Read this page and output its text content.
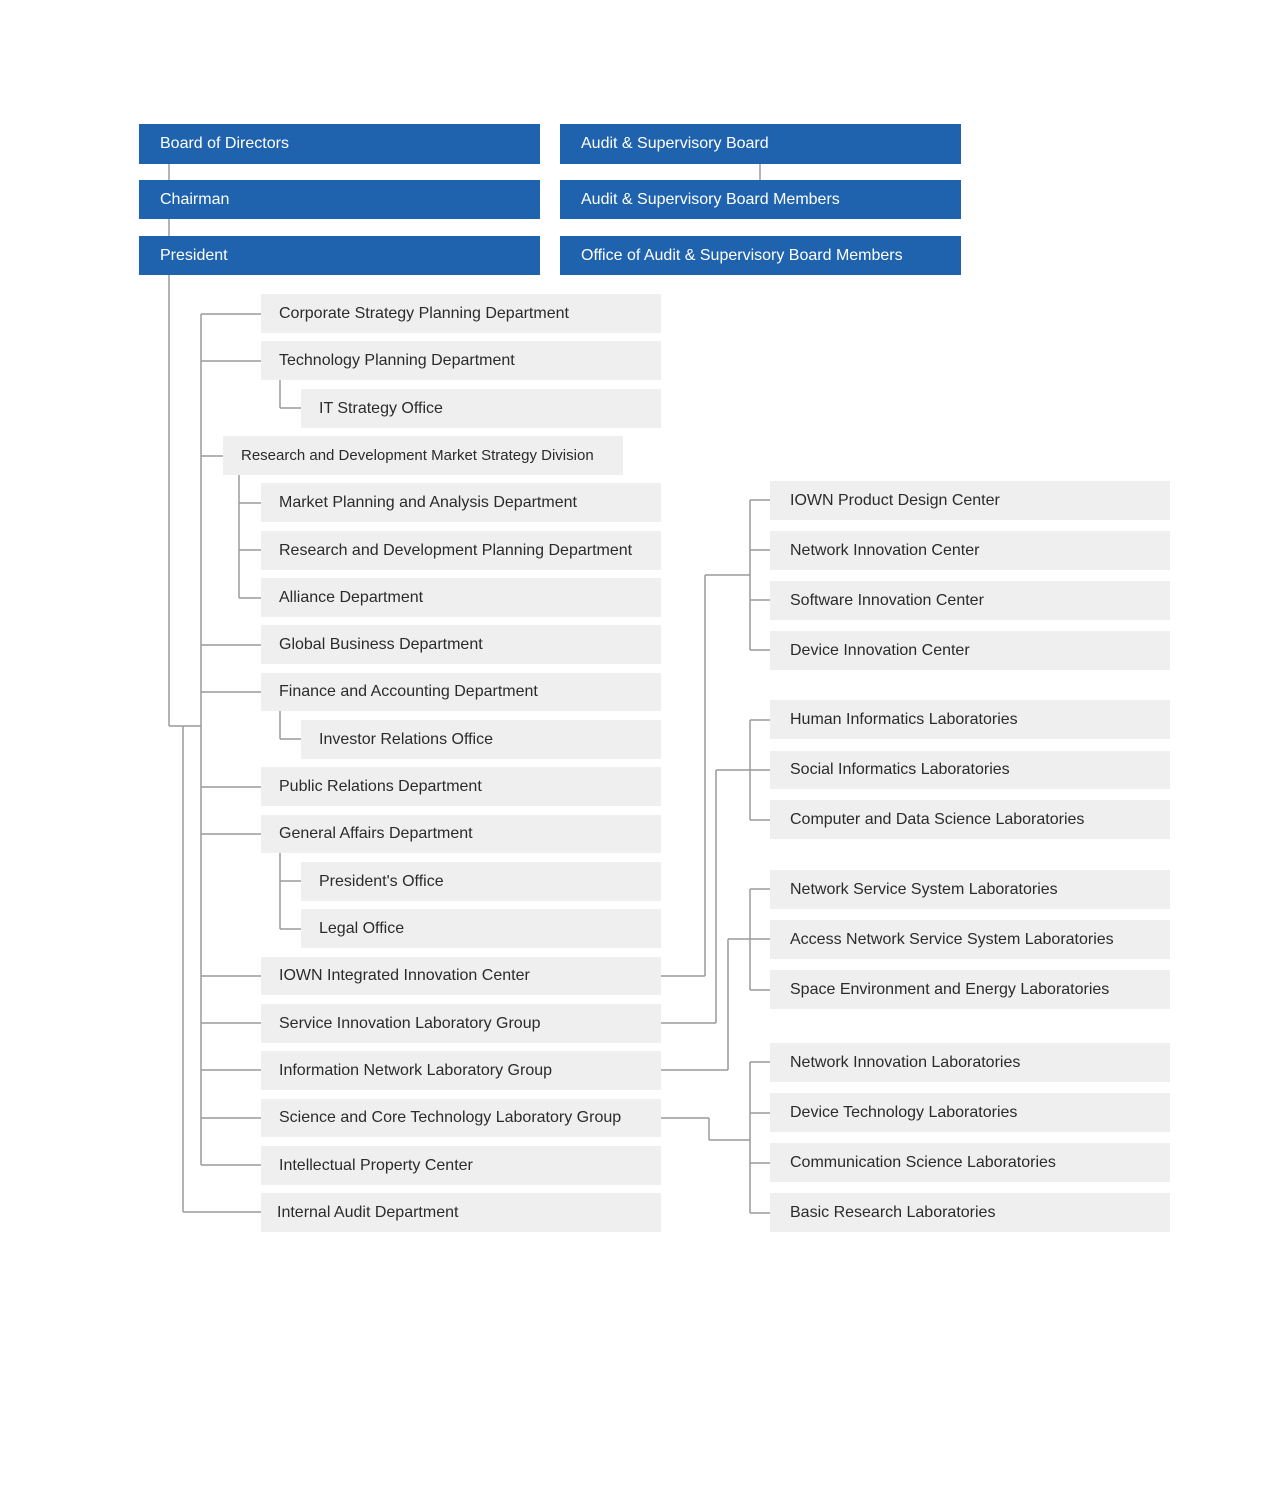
Board of Directors
Chairman
President
Audit & Supervisory Board
Audit & Supervisory Board Members
Office of Audit & Supervisory Board Members
Corporate Strategy Planning Department
Technology Planning Department
IT Strategy Office
Research and Development Market Strategy Division
Market Planning and Analysis Department
Research and Development Planning Department
Alliance Department
Global Business Department
Finance and Accounting Department
Investor Relations Office
Public Relations Department
General Affairs Department
President's Office
Legal Office
IOWN Integrated Innovation Center
Service Innovation Laboratory Group
Information Network Laboratory Group
Science and Core Technology Laboratory Group
Intellectual Property Center
Internal Audit Department
IOWN Product Design Center
Network Innovation Center
Software Innovation Center
Device Innovation Center
Human Informatics Laboratories
Social Informatics Laboratories
Computer and Data Science Laboratories
Network Service System Laboratories
Access Network Service System Laboratories
Space Environment and Energy Laboratories
Network Innovation Laboratories
Device Technology Laboratories
Communication Science Laboratories
Basic Research Laboratories
